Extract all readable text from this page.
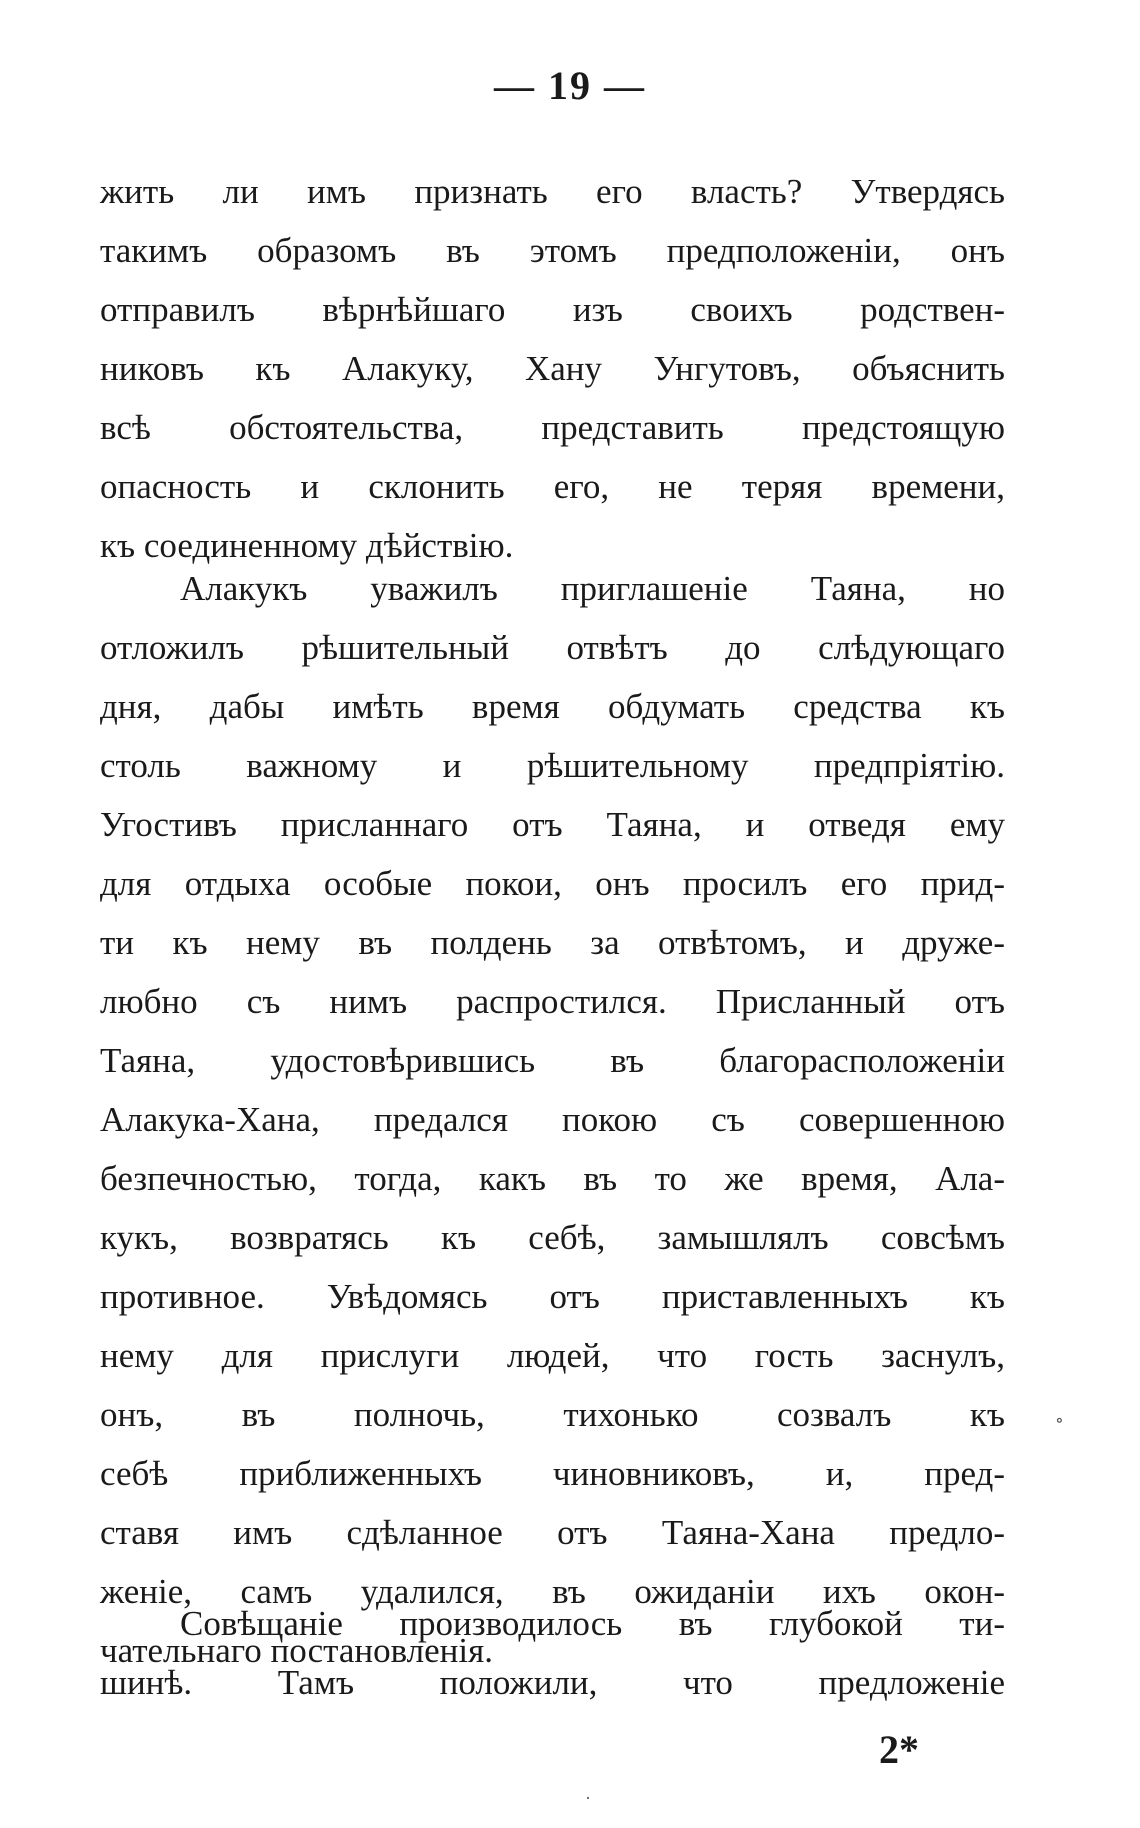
— 19 —
жить ли имъ признать его власть? Утвердясь
такимъ образомъ въ этомъ предположеніи, онъ
отправилъ вѣрнѣйшаго изъ своихъ родствен-
никовъ къ Алакуку, Хану Унгутовъ, объяснить
всѣ обстоятельства, представить предстоящую
опасность и склонить его, не теряя времени,
къ соединенному дѣйствію.
Алакукъ уважилъ приглашеніе Таяна, но
отложилъ рѣшительный отвѣтъ до слѣдующаго
дня, дабы имѣть время обдумать средства къ
столь важному и рѣшительному предпріятію.
Угостивъ присланнаго отъ Таяна, и отведя ему
для отдыха особые покои, онъ просилъ его прид-
ти къ нему въ полдень за отвѣтомъ, и друже-
любно съ нимъ распростился. Присланный отъ
Таяна, удостовѣрившись въ благорасположеніи
Алакука-Хана, предался покою съ совершенною
безпечностью, тогда, какъ въ то же время, Ала-
кукъ, возвратясь къ себѣ, замышлялъ совсѣмъ
противное. Увѣдомясь отъ приставленныхъ къ
нему для прислуги людей, что гость заснулъ,
онъ, въ полночь, тихонько созвалъ къ
себѣ приближенныхъ чиновниковъ, и, пред-
ставя имъ сдѣланное отъ Таяна-Хана предло-
женіе, самъ удалился, въ ожиданіи ихъ окон-
чательнаго постановленія.
Совѣщаніе производилось въ глубокой ти-
шинѣ. Тамъ положили, что предложеніе
2*
∘
·
